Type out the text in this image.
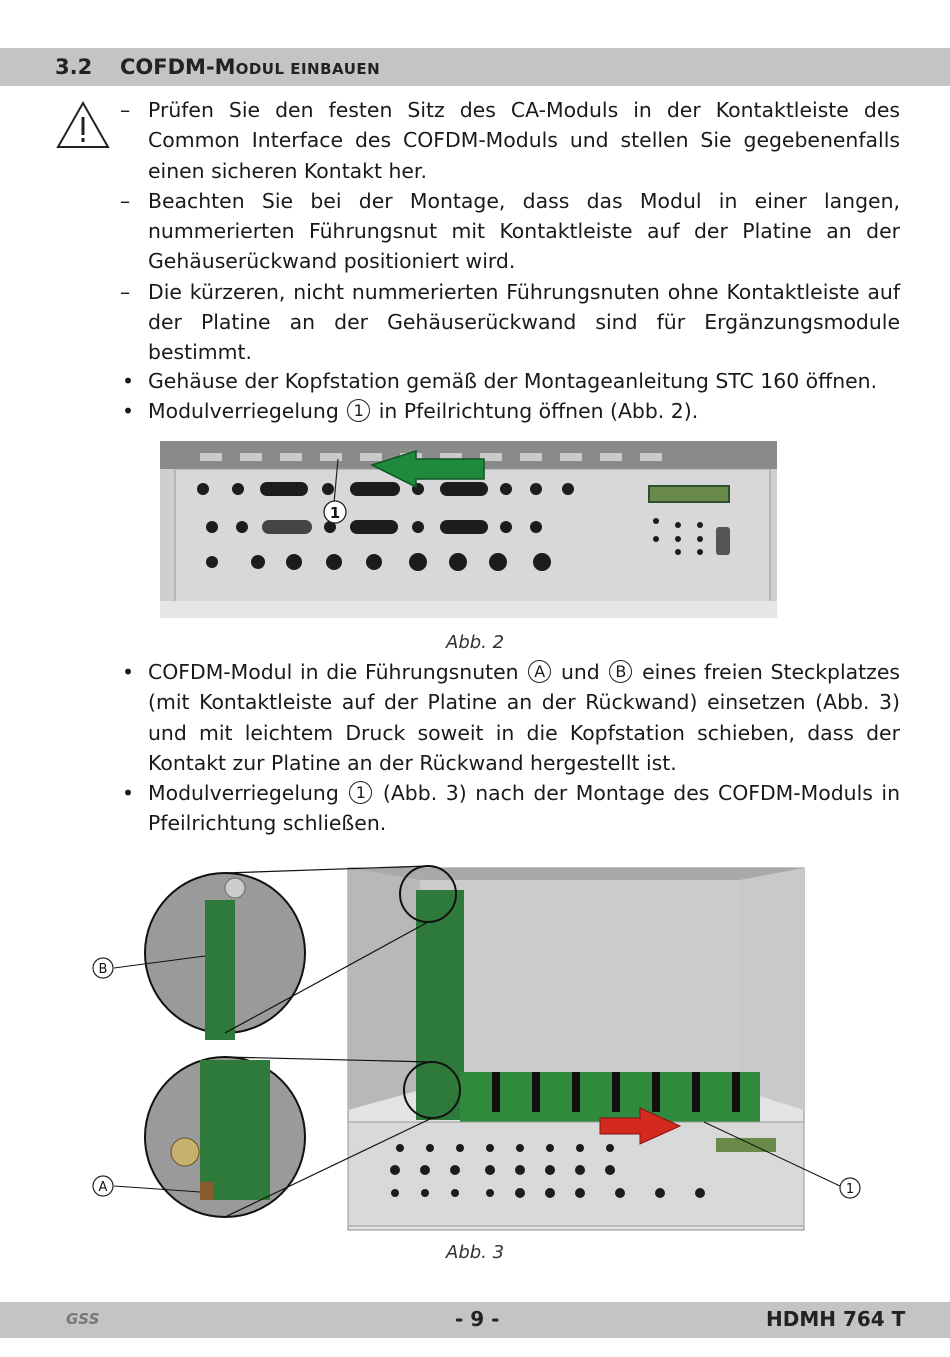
3.2 COFDM-MODUL EINBAUEN
– Prüfen Sie den festen Sitz des CA-Moduls in der Kontaktleiste des Common Interface des COFDM-Moduls und stellen Sie gegebenenfalls einen sicheren Kontakt her.
– Beachten Sie bei der Montage, dass das Modul in einer langen, nummerierten Führungsnut mit Kontaktleiste auf der Platine an der Gehäuserückwand positioniert wird.
– Die kürzeren, nicht nummerierten Führungsnuten ohne Kontaktleiste auf der Platine an der Gehäuserückwand sind für Ergänzungsmodule bestimmt.
• Gehäuse der Kopfstation gemäß der Montageanleitung STC 160 öffnen.
• Modulverriegelung 1 in Pfeilrichtung öffnen (Abb. 2).
1
Abb. 2
• COFDM-Modul in die Führungsnuten A und B eines freien Steckplatzes (mit Kontaktleiste auf der Platine an der Rückwand) einsetzen (Abb. 3) und mit leichtem Druck soweit in die Kopfstation schieben, dass der Kontakt zur Platine an der Rückwand hergestellt ist.
• Modulverriegelung 1 (Abb. 3) nach der Montage des COFDM-Moduls in Pfeilrichtung schließen.
B
A	1
Abb. 3
GSS	- 9 -	HDMH 764 T
